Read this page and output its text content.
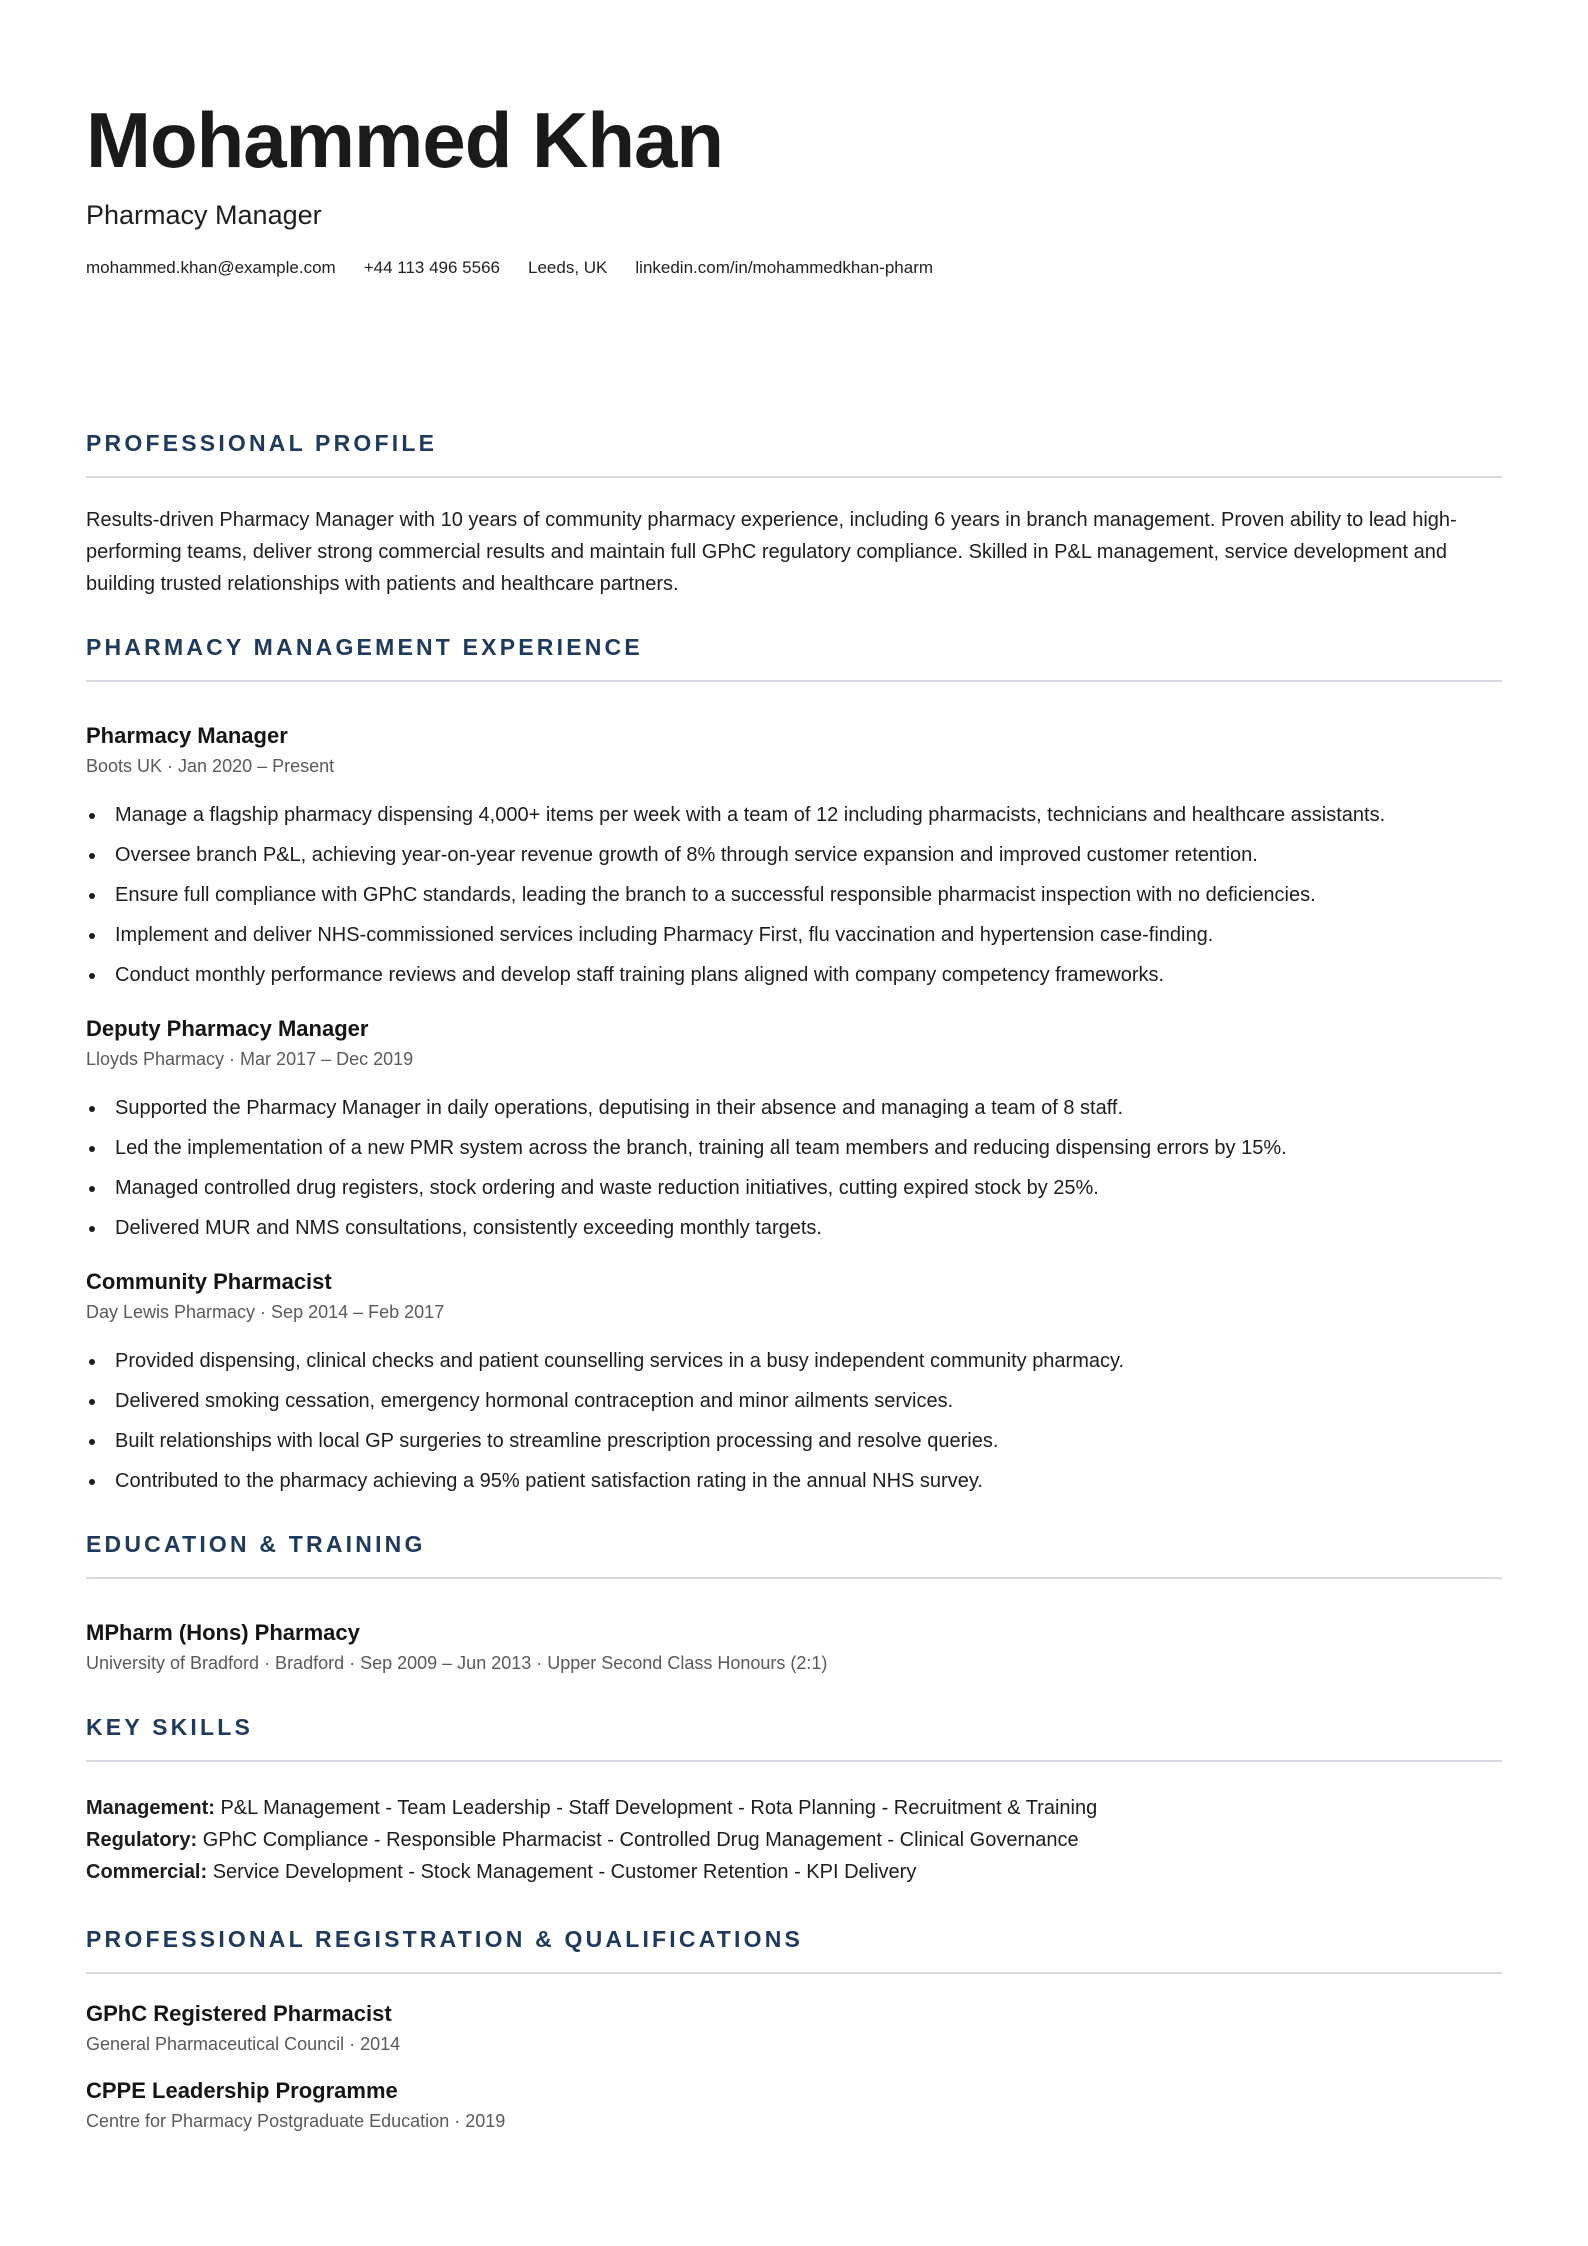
Mohammed Khan
Pharmacy Manager
mohammed.khan@example.com +44 113 496 5566 Leeds, UK linkedin.com/in/mohammedkhan-pharm
PROFESSIONAL PROFILE

Results-driven Pharmacy Manager with 10 years of community pharmacy experience, including 6 years in branch management. Proven ability to lead high-performing teams, deliver strong commercial results and maintain full GPhC regulatory compliance. Skilled in P&L management, service development and building trusted relationships with patients and healthcare partners.

PHARMACY MANAGEMENT EXPERIENCE
Pharmacy Manager
Boots UK · Jan 2020 – Present
Manage a flagship pharmacy dispensing 4,000+ items per week with a team of 12 including pharmacists, technicians and healthcare assistants.
Oversee branch P&L, achieving year-on-year revenue growth of 8% through service expansion and improved customer retention.
Ensure full compliance with GPhC standards, leading the branch to a successful responsible pharmacist inspection with no deficiencies.
Implement and deliver NHS-commissioned services including Pharmacy First, flu vaccination and hypertension case-finding.
Conduct monthly performance reviews and develop staff training plans aligned with company competency frameworks.
Deputy Pharmacy Manager
Lloyds Pharmacy · Mar 2017 – Dec 2019
Supported the Pharmacy Manager in daily operations, deputising in their absence and managing a team of 8 staff.
Led the implementation of a new PMR system across the branch, training all team members and reducing dispensing errors by 15%.
Managed controlled drug registers, stock ordering and waste reduction initiatives, cutting expired stock by 25%.
Delivered MUR and NMS consultations, consistently exceeding monthly targets.
Community Pharmacist
Day Lewis Pharmacy · Sep 2014 – Feb 2017
Provided dispensing, clinical checks and patient counselling services in a busy independent community pharmacy.
Delivered smoking cessation, emergency hormonal contraception and minor ailments services.
Built relationships with local GP surgeries to streamline prescription processing and resolve queries.
Contributed to the pharmacy achieving a 95% patient satisfaction rating in the annual NHS survey.
EDUCATION & TRAINING
MPharm (Hons) Pharmacy
University of Bradford · Bradford · Sep 2009 – Jun 2013 · Upper Second Class Honours (2:1)
KEY SKILLS
Management: P&L Management - Team Leadership - Staff Development - Rota Planning - Recruitment & Training
Regulatory: GPhC Compliance - Responsible Pharmacist - Controlled Drug Management - Clinical Governance
Commercial: Service Development - Stock Management - Customer Retention - KPI Delivery
PROFESSIONAL REGISTRATION & QUALIFICATIONS
GPhC Registered Pharmacist
General Pharmaceutical Council · 2014
CPPE Leadership Programme
Centre for Pharmacy Postgraduate Education · 2019
